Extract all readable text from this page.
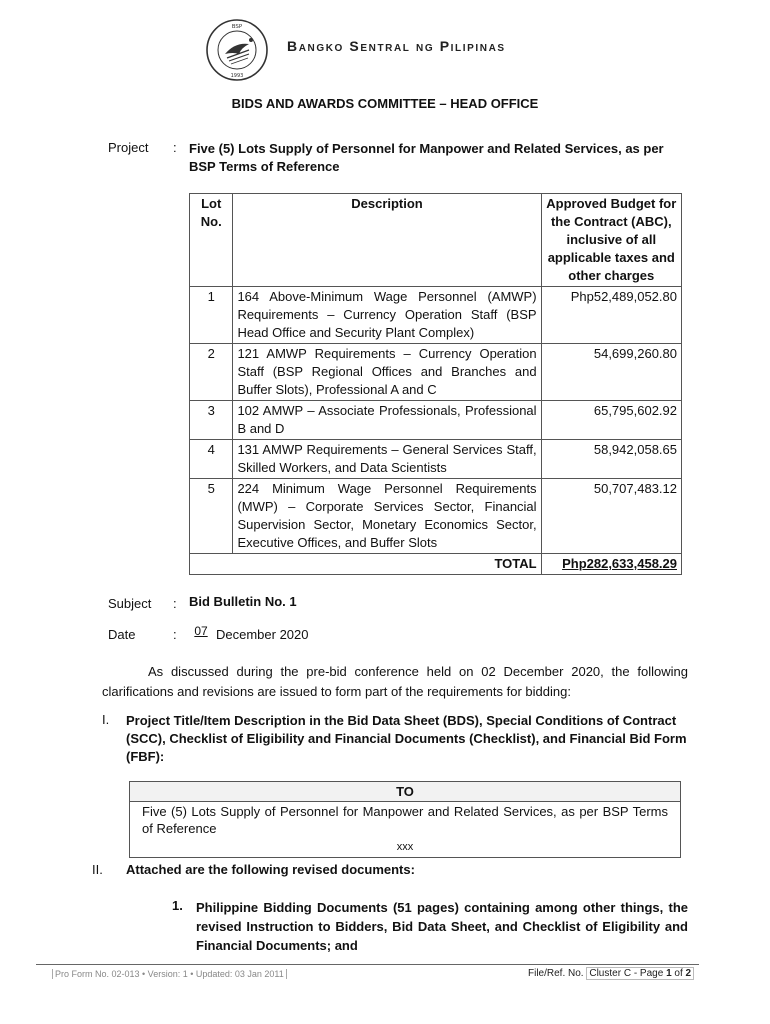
BSP
1993
Bangko Sentral ng Pilipinas
BIDS AND AWARDS COMMITTEE – HEAD OFFICE
Project : Five (5) Lots Supply of Personnel for Manpower and Related Services, as per BSP Terms of Reference
Lot No.	Description	Approved Budget for the Contract (ABC), inclusive of all applicable taxes and other charges
1	164 Above-Minimum Wage Personnel (AMWP) Requirements – Currency Operation Staff (BSP Head Office and Security Plant Complex)	Php52,489,052.80
2	121 AMWP Requirements – Currency Operation Staff (BSP Regional Offices and Branches and Buffer Slots), Professional A and C	54,699,260.80
3	102 AMWP – Associate Professionals, Professional B and D	65,795,602.92
4	131 AMWP Requirements – General Services Staff, Skilled Workers, and Data Scientists	58,942,058.65
5	224 Minimum Wage Personnel Requirements (MWP) – Corporate Services Sector, Financial Supervision Sector, Monetary Economics Sector, Executive Offices, and Buffer Slots	50,707,483.12
TOTAL		Php282,633,458.29
Subject : Bid Bulletin No. 1
Date	: 07 December 2020
As discussed during the pre-bid conference held on 02 December 2020, the following clarifications and revisions are issued to form part of the requirements for bidding:
I. Project Title/Item Description in the Bid Data Sheet (BDS), Special Conditions of Contract (SCC), Checklist of Eligibility and Financial Documents (Checklist), and Financial Bid Form (FBF):
TO
Five (5) Lots Supply of Personnel for Manpower and Related Services, as per BSP Terms of Reference
xxx
II. Attached are the following revised documents:
1. Philippine Bidding Documents (51 pages) containing among other things, the revised Instruction to Bidders, Bid Data Sheet, and Checklist of Eligibility and Financial Documents; and
Pro Form No. 02-013 • Version: 1 • Updated: 03 Jan 2011	File/Ref. No. Cluster C - Page 1 of 2
